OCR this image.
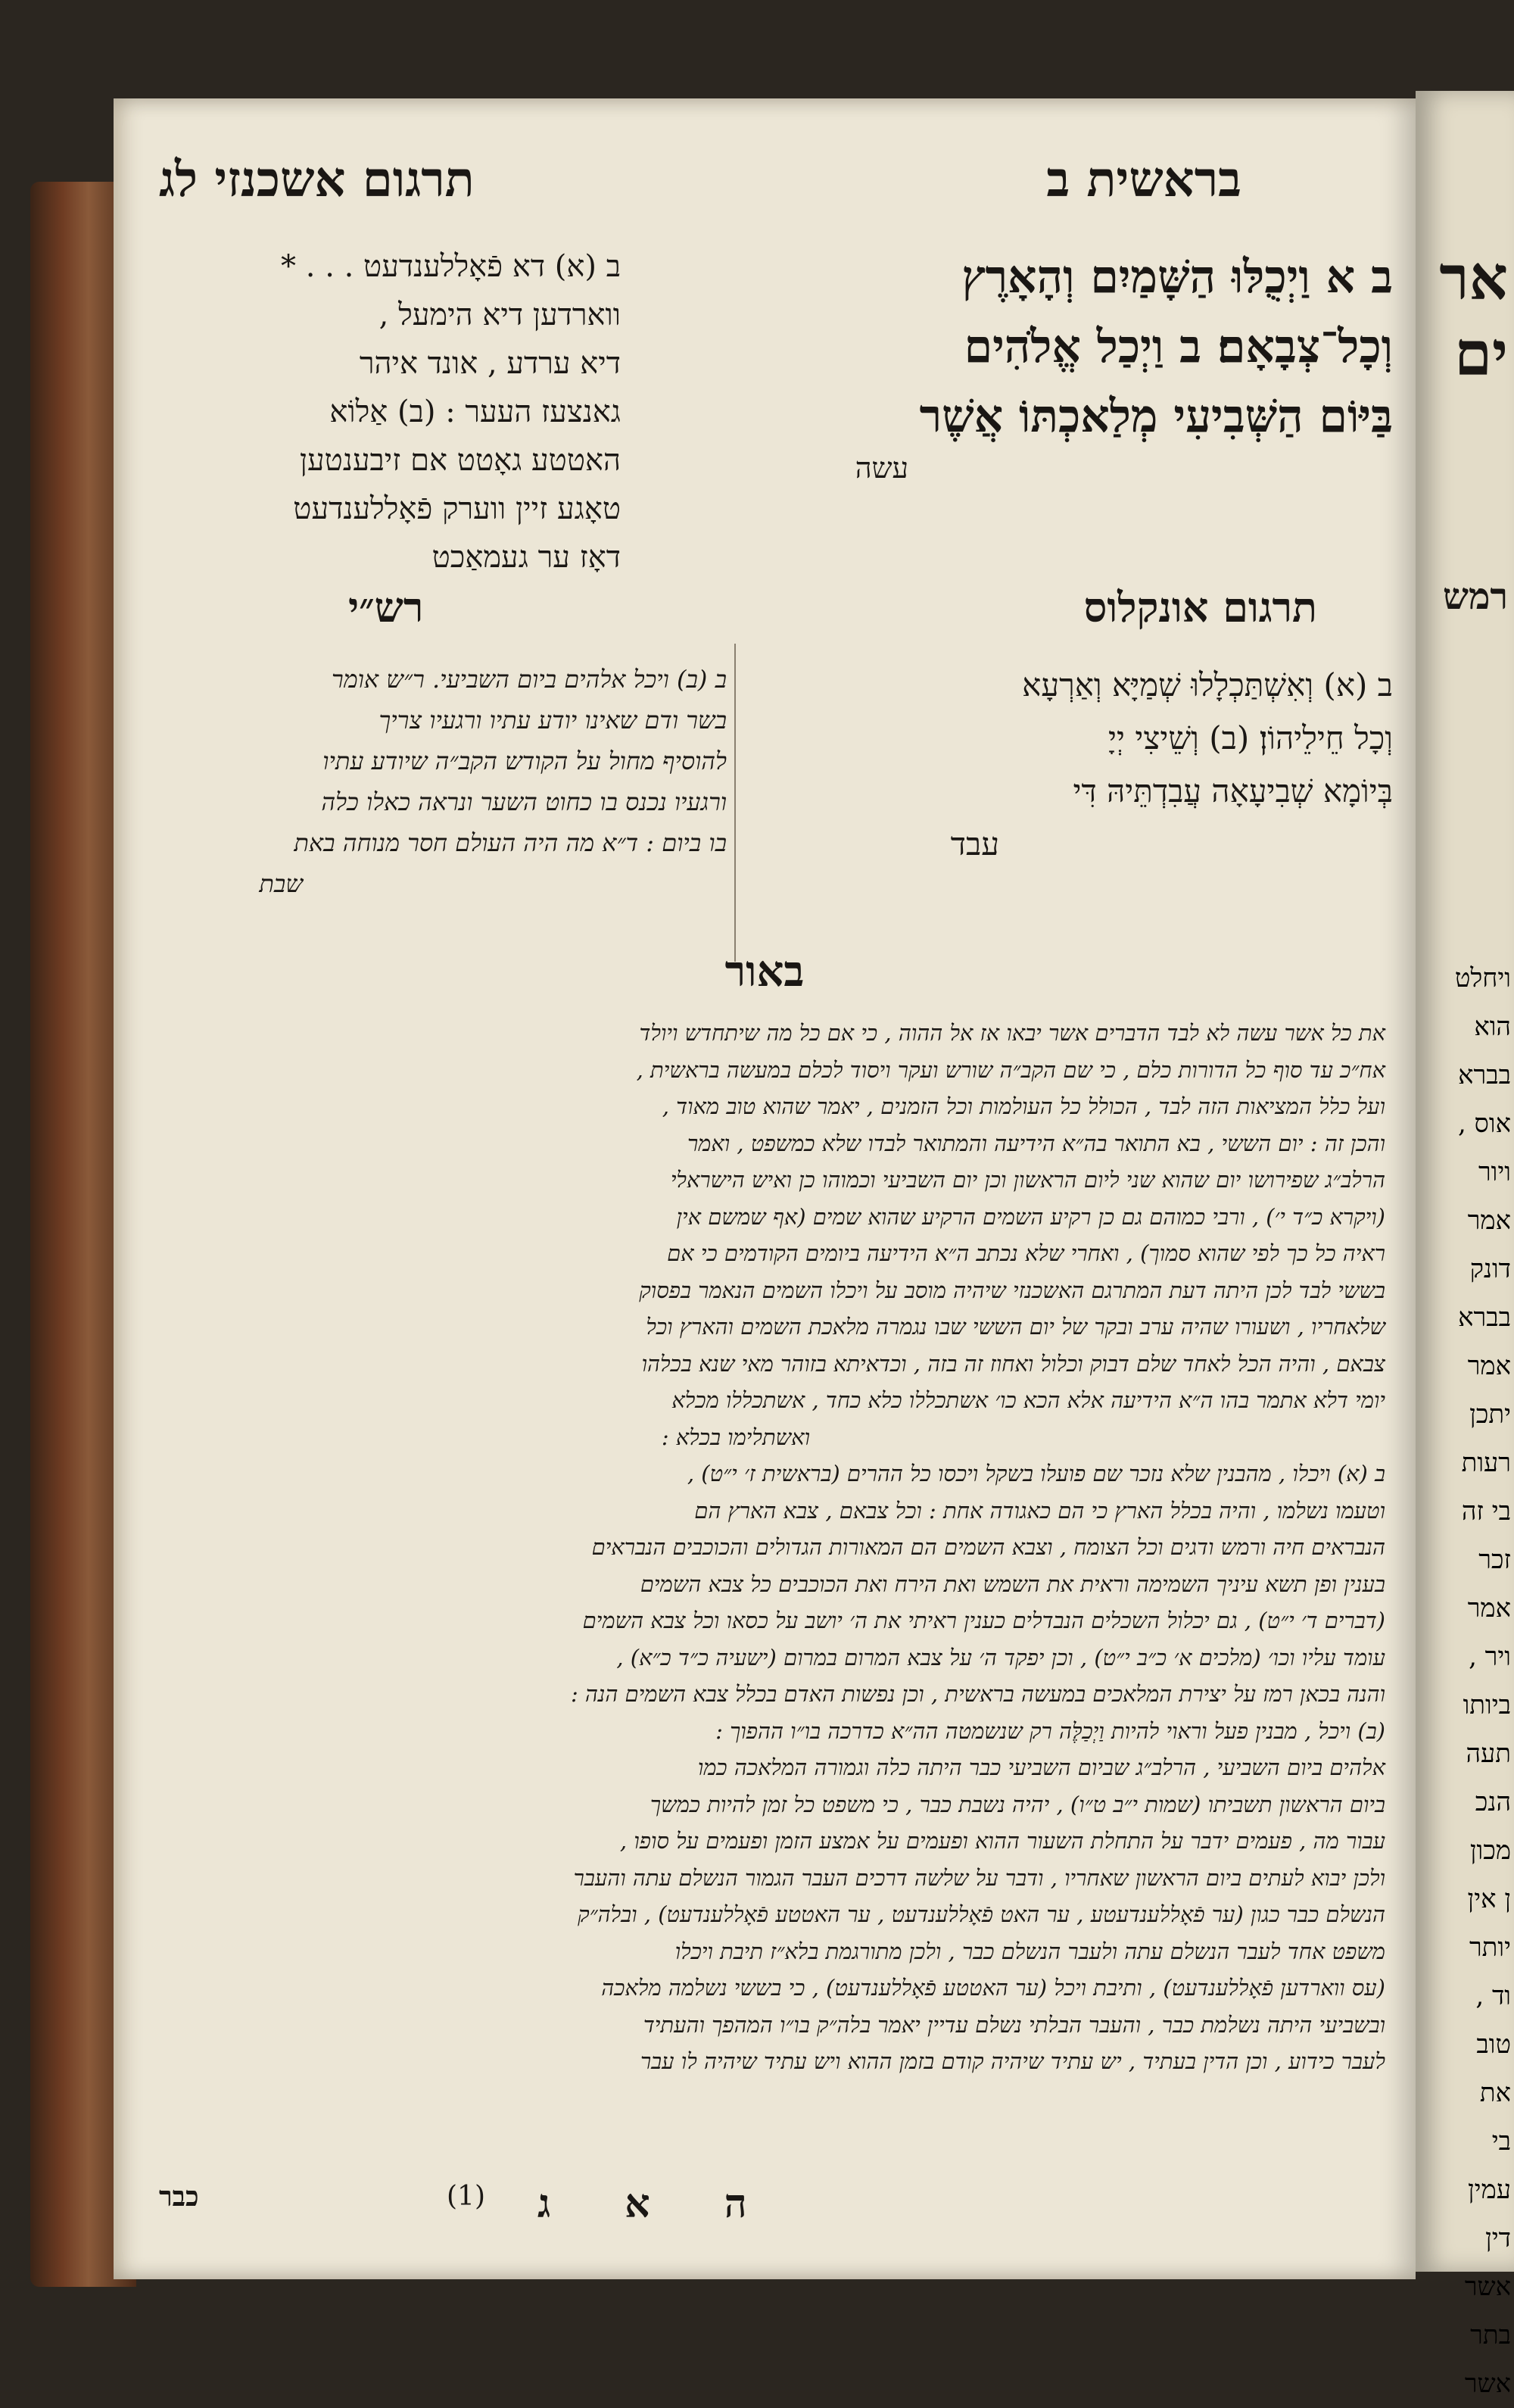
בראשית ב
תרגום אשכנזי לג
ב א וַיְכֻלּוּ הַשָּׁמַיִם וְהָאָרֶץ
וְכָל־צְבָאָם׃ ב וַיְכַל אֱלֹהִים
בַּיּוֹם הַשְּׁבִיעִי מְלַאכְתּוֹ אֲשֶׁר
עשה
ב (א) דא פֿאָללענדעט . . . *
ווארדען דיא הימעל ,
דיא ערדע , אונד איהר
גאנצעז העער : (ב) אַלוֹא
האטטע גאָטט אם זיבענטען
טאָגע זיין ווערק פֿאָללענדעט
דאָז ער געמאַכט
תרגום אונקלוס
רש״י
ב (א) וְאִשְׁתַּכְלָלוּ שְׁמַיָּא וְאַרְעָא
וְכָל חֵילֵיהוֹן׃ (ב) וְשֵׁיצִי יְיָ
בְּיוֹמָא שְׁבִיעָאָה עֲבִדְתֵּיהּ דִּי
עבד
ב (ב) ויכל אלהים ביום השביעי. ר״ש אומר
בשר ודם שאינו יודע עתיו ורגעיו צריך
להוסיף מחול על הקודש הקב״ה שיודע עתיו
ורגעיו נכנס בו כחוט השער ונראה כאלו כלה
בו ביום : ד״א מה היה העולם חסר מנוחה באת
שבת
באור
את כל אשר עשה לא לבד הדברים אשר יבאו אז אל ההוה , כי אם כל מה שיתחדש ויולד
אח״כ עד סוף כל הדורות כלם , כי שם הקב״ה שורש ועקר ויסוד לכלם במעשה בראשית ,
ועל כלל המציאות הזה לבד , הכולל כל העולמות וכל הזמנים , יאמר שהוא טוב מאוד ,
והכן זה : יום הששי , בא התואר בה״א הידיעה והמתואר לבדו שלא כמשפט , ואמר
הרלב״ג שפירושו יום שהוא שני ליום הראשון וכן יום השביעי וכמוהו כן ואיש הישראלי
(ויקרא כ״ד י׳) , ורבי כמוהם גם כן רקיע השמים הרקיע שהוא שמים (אף שמשם אין
ראיה כל כך לפי שהוא סמוך) , ואחרי שלא נכתב ה״א הידיעה ביומים הקודמים כי אם
בששי לבד לכן היתה דעת המתרגם האשכנזי שיהיה מוסב על ויכלו השמים הנאמר בפסוק
שלאחריו , ושעורו שהיה ערב ובקר של יום הששי שבו נגמרה מלאכת השמים והארץ וכל
צבאם , והיה הכל לאחד שלם דבוק וכלול ואחוז זה בזה , וכדאיתא בזוהר מאי שנא בכלהו
יומי דלא אתמר בהו ה״א הידיעה אלא הכא כו׳ אשתכללו כלא כחד , אשתכללו מכלא
ואשתלימו בכלא :
ב (א) ויכלו , מהבנין שלא נזכר שם פועלו בשקל ויכסו כל ההרים (בראשית ז׳ י״ט) ,
וטעמו נשלמו , והיה בכלל הארץ כי הם כאגודה אחת : וכל צבאם , צבא הארץ הם
הנבראים חיה ורמש ודגים וכל הצומח , וצבא השמים הם המאורות הגדולים והכוכבים הנבראים
בענין ופן תשא עיניך השמימה וראית את השמש ואת הירח ואת הכוכבים כל צבא השמים
(דברים ד׳ י״ט) , גם יכלול השכלים הנבדלים כענין ראיתי את ה׳ יושב על כסאו וכל צבא השמים
עומד עליו וכו׳ (מלכים א׳ כ״ב י״ט) , וכן יפקד ה׳ על צבא המרום במרום (ישעיה כ״ד כ״א) ,
והנה בכאן רמז על יצירת המלאכים במעשה בראשית , וכן נפשות האדם בכלל צבא השמים הנה :
(ב) ויכל , מבנין פעל וראוי להיות וַיְכַלֶּה רק שנשמטה הה״א כדרכה בו״ו ההפוך :
אלהים ביום השביעי , הרלב״ג שביום השביעי כבר היתה כלה וגמורה המלאכה כמו
ביום הראשון תשביתו (שמות י״ב ט״ו) , יהיה נשבת כבר , כי משפט כל זמן להיות כמשך
עבור מה , פעמים ידבר על התחלת השעור ההוא ופעמים על אמצע הזמן ופעמים על סופו ,
ולכן יבוא לעתים ביום הראשון שאחריו , ודבר על שלשה דרכים העבר הגמור הנשלם עתה והעבר
הנשלם כבר כגון (ער פֿאָללענדעטע , ער האט פֿאָללענדעט , ער האטטע פֿאָללענדעט) , ובלה״ק
משפט אחד לעבר הנשלם עתה ולעבר הנשלם כבר , ולכן מתורגמת בלא״ז תיבת ויכלו
(עס ווארדען פֿאָללענדעט) , ותיבת ויכל (ער האטטע פֿאָללענדעט) , כי בששי נשלמה מלאכה
ובשביעי היתה נשלמת כבר , והעבר הבלתי נשלם עדיין יאמר בלה״ק בו״ו המהפך והעתיד
לעבר כידוע , וכן הדין בעתיד , יש עתיד שיהיה קודם בזמן ההוא ויש עתיד שיהיה לו עבר
ה א ג
(1)
כבר
אר
ים
רמש
ויחלט
הוא
בברא
אוס ,
ויור
אמר
דונק
בברא
אמר
יתכן
רעות
בי זה
זכר
אמר
ויר ,
ביותו
תעה
הנכ
מכון
ן אין
יותר
וד ,
טוב
את
בי
עמין
דין
אשר
בתר
אשר
